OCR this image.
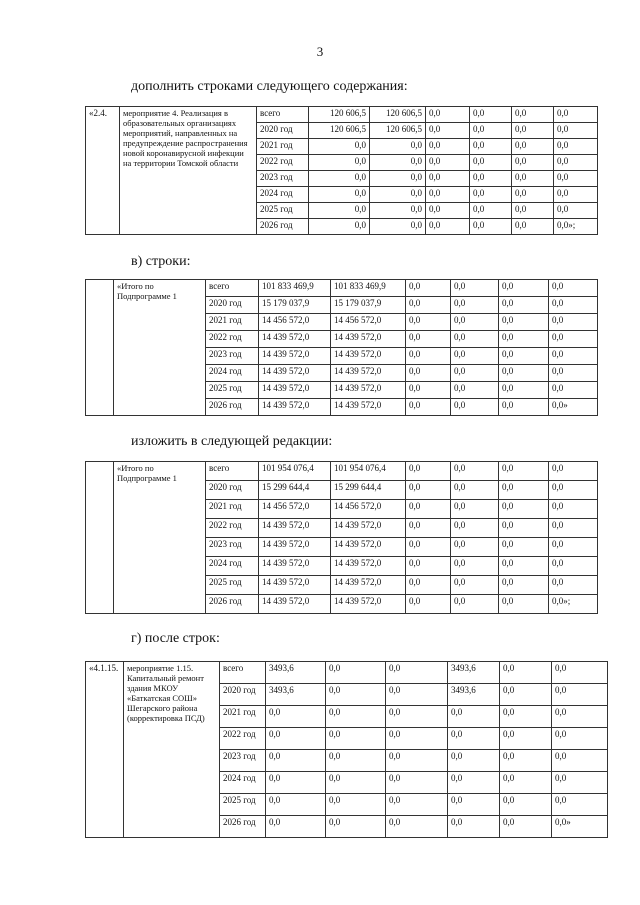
3
дополнить строками следующего содержания:
«2.4.	мероприятие 4. Реализация в образовательных организациях мероприятий, направленных на предупреждение распространения новой коронавирусной инфекции на территории Томской области	всего	120 606,5	120 606,5	0,0	0,0	0,0	0,0
		2020 год	120 606,5	120 606,5	0,0	0,0	0,0	0,0
		2021 год	0,0	0,0	0,0	0,0	0,0	0,0
		2022 год	0,0	0,0	0,0	0,0	0,0	0,0
		2023 год	0,0	0,0	0,0	0,0	0,0	0,0
		2024 год	0,0	0,0	0,0	0,0	0,0	0,0
		2025 год	0,0	0,0	0,0	0,0	0,0	0,0
		2026 год	0,0	0,0	0,0	0,0	0,0	0,0»;
в) строки:
	«Итого по Подпрограмме 1	всего	101 833 469,9	101 833 469,9	0,0	0,0	0,0	0,0
		2020 год	15 179 037,9	15 179 037,9	0,0	0,0	0,0	0,0
		2021 год	14 456 572,0	14 456 572,0	0,0	0,0	0,0	0,0
		2022 год	14 439 572,0	14 439 572,0	0,0	0,0	0,0	0,0
		2023 год	14 439 572,0	14 439 572,0	0,0	0,0	0,0	0,0
		2024 год	14 439 572,0	14 439 572,0	0,0	0,0	0,0	0,0
		2025 год	14 439 572,0	14 439 572,0	0,0	0,0	0,0	0,0
		2026 год	14 439 572,0	14 439 572,0	0,0	0,0	0,0	0,0»
изложить в следующей редакции:
	«Итого по Подпрограмме 1	всего	101 954 076,4	101 954 076,4	0,0	0,0	0,0	0,0
		2020 год	15 299 644,4	15 299 644,4	0,0	0,0	0,0	0,0
		2021 год	14 456 572,0	14 456 572,0	0,0	0,0	0,0	0,0
		2022 год	14 439 572,0	14 439 572,0	0,0	0,0	0,0	0,0
		2023 год	14 439 572,0	14 439 572,0	0,0	0,0	0,0	0,0
		2024 год	14 439 572,0	14 439 572,0	0,0	0,0	0,0	0,0
		2025 год	14 439 572,0	14 439 572,0	0,0	0,0	0,0	0,0
		2026 год	14 439 572,0	14 439 572,0	0,0	0,0	0,0	0,0»;
г) после строк:
«4.1.15.	мероприятие 1.15. Капитальный ремонт здания МКОУ «Баткатская СОШ» Шегарского района (корректировка ПСД)	всего	3493,6	0,0	0,0	3493,6	0,0	0,0
		2020 год	3493,6	0,0	0,0	3493,6	0,0	0,0
		2021 год	0,0	0,0	0,0	0,0	0,0	0,0
		2022 год	0,0	0,0	0,0	0,0	0,0	0,0
		2023 год	0,0	0,0	0,0	0,0	0,0	0,0
		2024 год	0,0	0,0	0,0	0,0	0,0	0,0
		2025 год	0,0	0,0	0,0	0,0	0,0	0,0
		2026 год	0,0	0,0	0,0	0,0	0,0	0,0»
